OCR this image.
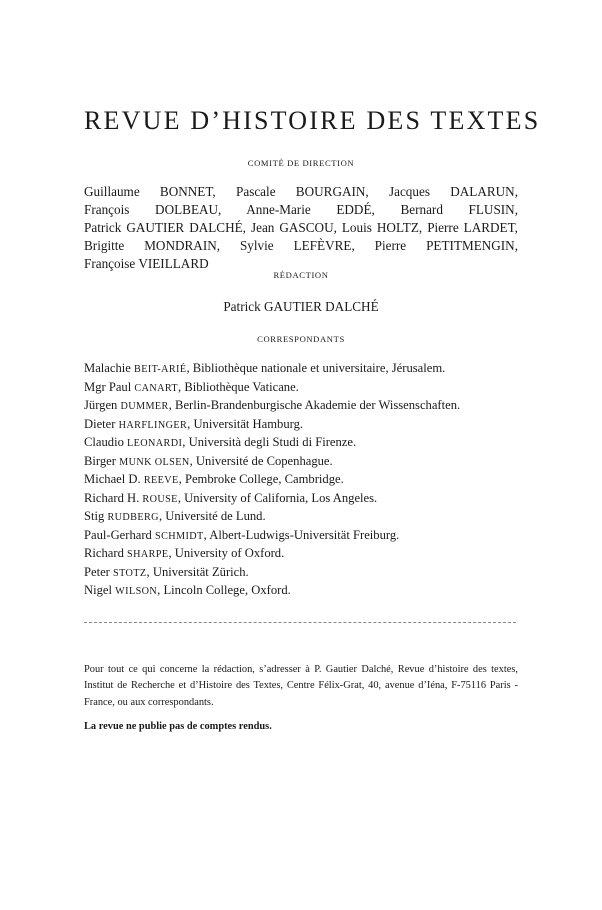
REVUE D’HISTOIRE DES TEXTES
COMITÉ DE DIRECTION

Guillaume BONNET, Pascale BOURGAIN, Jacques DALARUN, François DOLBEAU, Anne-Marie EDDÉ, Bernard FLUSIN, Patrick GAUTIER DALCHÉ, Jean GASCOU, Louis HOLTZ, Pierre LARDET, Brigitte MONDRAIN, Sylvie LEFÈVRE, Pierre PETITMENGIN, Françoise VIEILLARD

RÉDACTION

Patrick GAUTIER DALCHÉ

CORRESPONDANTS
Malachie BEIT-ARIÉ, Bibliothèque nationale et universitaire, Jérusalem.
Mgr Paul CANART, Bibliothèque Vaticane.
Jürgen DUMMER, Berlin-Brandenburgische Akademie der Wissenschaften.
Dieter HARFLINGER, Universität Hamburg.
Claudio LEONARDI, Università degli Studi di Firenze.
Birger MUNK OLSEN, Université de Copenhague.
Michael D. REEVE, Pembroke College, Cambridge.
Richard H. ROUSE, University of California, Los Angeles.
Stig RUDBERG, Université de Lund.
Paul-Gerhard SCHMIDT, Albert-Ludwigs-Universität Freiburg.
Richard SHARPE, University of Oxford.
Peter STOTZ, Universität Zürich.
Nigel WILSON, Lincoln College, Oxford.

Pour tout ce qui concerne la rédaction, s’adresser à P. Gautier Dalché, Revue d’histoire des textes, Institut de Recherche et d’Histoire des Textes, Centre Félix-Grat, 40, avenue d’Iéna, F-75116 Paris - France, ou aux correspondants.

La revue ne publie pas de comptes rendus.
